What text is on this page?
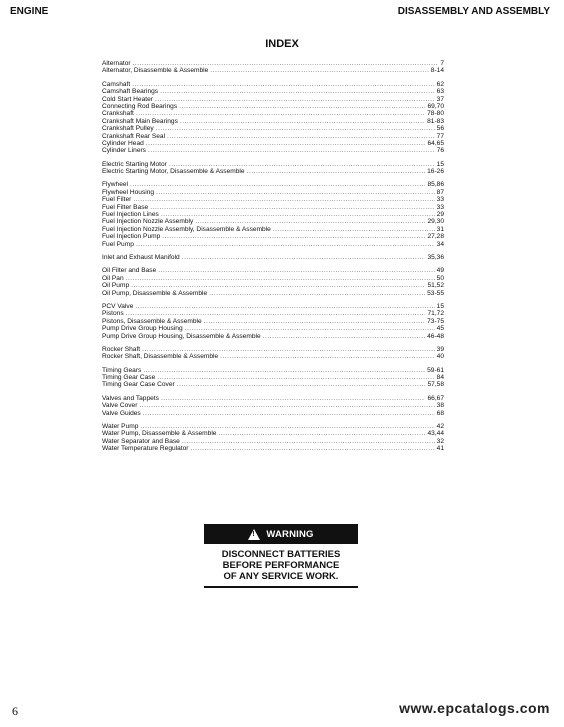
ENGINE	DISASSEMBLY AND ASSEMBLY
INDEX
Alternator .....	7
Alternator, Disassemble & Assemble .....	8-14
Camshaft .....	62
Camshaft Bearings .....	63
Cold Start Heater .....	37
Connecting Rod Bearings .....	69,70
Crankshaft .....	78-80
Crankshaft Main Bearings .....	81-83
Crankshaft Pulley .....	56
Crankshaft Rear Seal .....	77
Cylinder Head .....	64,65
Cylinder Liners .....	76
Electric Starting Motor .....	15
Electric Starting Motor, Disassemble & Assemble .....	16-26
Flywheel .....	85,86
Flywheel Housing .....	87
Fuel Filter .....	33
Fuel Filter Base .....	33
Fuel Injection Lines .....	29
Fuel Injection Nozzle Assembly .....	29,30
Fuel Injection Nozzle Assembly, Disassemble & Assemble .....	31
Fuel Injection Pump .....	27,28
Fuel Pump .....	34
Inlet and Exhaust Manifold .....	35,36
Oil Filter and Base .....	49
Oil Pan .....	50
Oil Pump .....	51,52
Oil Pump, Disassemble & Assemble .....	53-55
PCV Valve .....	15
Pistons .....	71,72
Pistons, Disassemble & Assemble .....	73-75
Pump Drive Group Housing .....	45
Pump Drive Group Housing, Disassemble & Assemble .....	46-48
Rocker Shaft .....	39
Rocker Shaft, Disassemble & Assemble .....	40
Timing Gears .....	59-61
Timing Gear Case .....	84
Timing Gear Case Cover .....	57,58
Valves and Tappets .....	66,67
Valve Cover .....	38
Valve Guides .....	68
Water Pump .....	42
Water Pump, Disassemble & Assemble .....	43,44
Water Separator and Base .....	32
Water Temperature Regulator .....	41
! WARNING
DISCONNECT BATTERIES
BEFORE PERFORMANCE
OF ANY SERVICE WORK.
6	www.epcatalogs.com
